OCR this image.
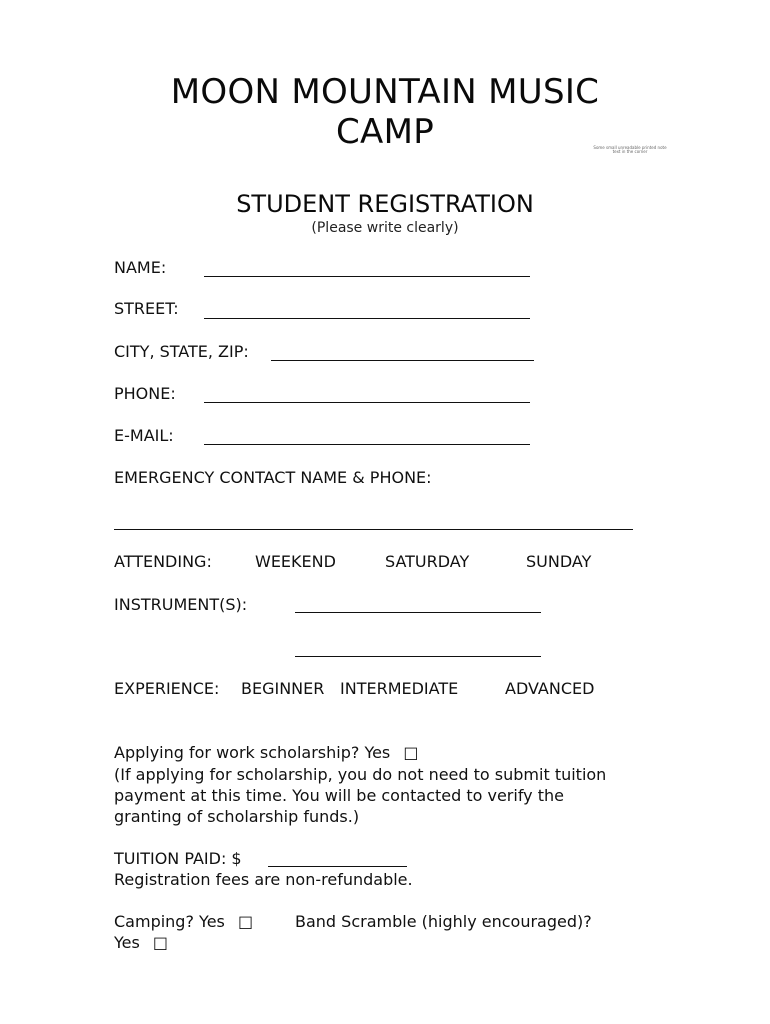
MOON MOUNTAIN MUSIC
CAMP	Some small unreadable printed note text in the corner
STUDENT REGISTRATION
(Please write clearly)
NAME:
STREET:
CITY, STATE, ZIP:
PHONE:
E-MAIL:
EMERGENCY CONTACT NAME & PHONE:
ATTENDING:	WEEKEND	SATURDAY	SUNDAY
INSTRUMENT(S):
EXPERIENCE: BEGINNER INTERMEDIATE	ADVANCED
Applying for work scholarship? Yes □
(If applying for scholarship, you do not need to submit tuition
payment at this time. You will be contacted to verify the
granting of scholarship funds.)
TUITION PAID: $
Registration fees are non-refundable.
Camping? Yes □	Band Scramble (highly encouraged)?
Yes □
